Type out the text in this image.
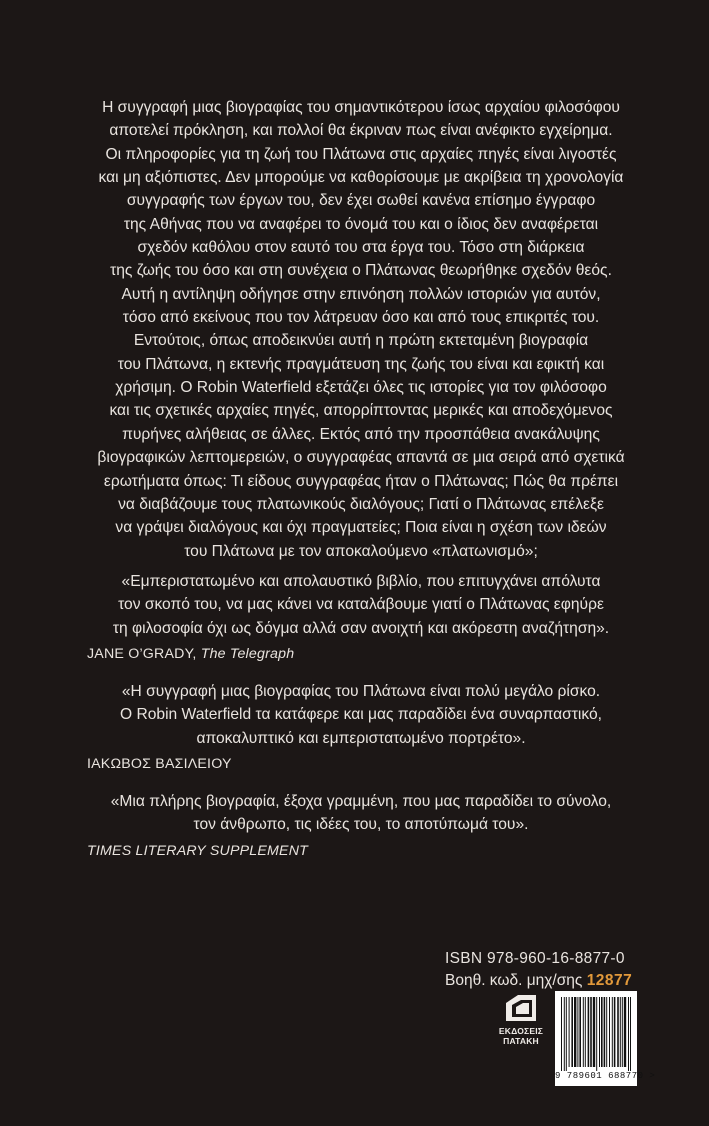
Η συγγραφή μιας βιογραφίας του σημαντικότερου ίσως αρχαίου φιλοσόφου
αποτελεί πρόκληση, και πολλοί θα έκριναν πως είναι ανέφικτο εγχείρημα.
Οι πληροφορίες για τη ζωή του Πλάτωνα στις αρχαίες πηγές είναι λιγοστές
και μη αξιόπιστες. Δεν μπορούμε να καθορίσουμε με ακρίβεια τη χρονολογία
συγγραφής των έργων του, δεν έχει σωθεί κανένα επίσημο έγγραφο
της Αθήνας που να αναφέρει το όνομά του και ο ίδιος δεν αναφέρεται
σχεδόν καθόλου στον εαυτό του στα έργα του. Τόσο στη διάρκεια
της ζωής του όσο και στη συνέχεια ο Πλάτωνας θεωρήθηκε σχεδόν θεός.
Αυτή η αντίληψη οδήγησε στην επινόηση πολλών ιστοριών για αυτόν,
τόσο από εκείνους που τον λάτρευαν όσο και από τους επικριτές του.
Εντούτοις, όπως αποδεικνύει αυτή η πρώτη εκτεταμένη βιογραφία
του Πλάτωνα, η εκτενής πραγμάτευση της ζωής του είναι και εφικτή και
χρήσιμη. Ο Robin Waterfield εξετάζει όλες τις ιστορίες για τον φιλόσοφο
και τις σχετικές αρχαίες πηγές, απορρίπτοντας μερικές και αποδεχόμενος
πυρήνες αλήθειας σε άλλες. Εκτός από την προσπάθεια ανακάλυψης
βιογραφικών λεπτομερειών, ο συγγραφέας απαντά σε μια σειρά από σχετικά
ερωτήματα όπως: Τι είδους συγγραφέας ήταν ο Πλάτωνας; Πώς θα πρέπει
να διαβάζουμε τους πλατωνικούς διαλόγους; Γιατί ο Πλάτωνας επέλεξε
να γράψει διαλόγους και όχι πραγματείες; Ποια είναι η σχέση των ιδεών
του Πλάτωνα με τον αποκαλούμενο «πλατωνισμό»;
«Εμπεριστατωμένο και απολαυστικό βιβλίο, που επιτυγχάνει απόλυτα
τον σκοπό του, να μας κάνει να καταλάβουμε γιατί ο Πλάτωνας εφηύρε
τη φιλοσοφία όχι ως δόγμα αλλά σαν ανοιχτή και ακόρεστη αναζήτηση».
JANE O’GRADY, The Telegraph
«Η συγγραφή μιας βιογραφίας του Πλάτωνα είναι πολύ μεγάλο ρίσκο.
Ο Robin Waterfield τα κατάφερε και μας παραδίδει ένα συναρπαστικό,
αποκαλυπτικό και εμπεριστατωμένο πορτρέτο».
ΙΑΚΩΒΟΣ ΒΑΣΙΛΕΙΟΥ
«Μια πλήρης βιογραφία, έξοχα γραμμένη, που μας παραδίδει το σύνολο,
τον άνθρωπο, τις ιδέες του, το αποτύπωμά του».
TIMES LITERARY SUPPLEMENT
ISBN 978-960-16-8877-0
Βοηθ. κωδ. μηχ/σης 12877
ΕΚΔΟΣΕΙΣ
ΠΑΤΑΚΗ
9 789601 688770 >
